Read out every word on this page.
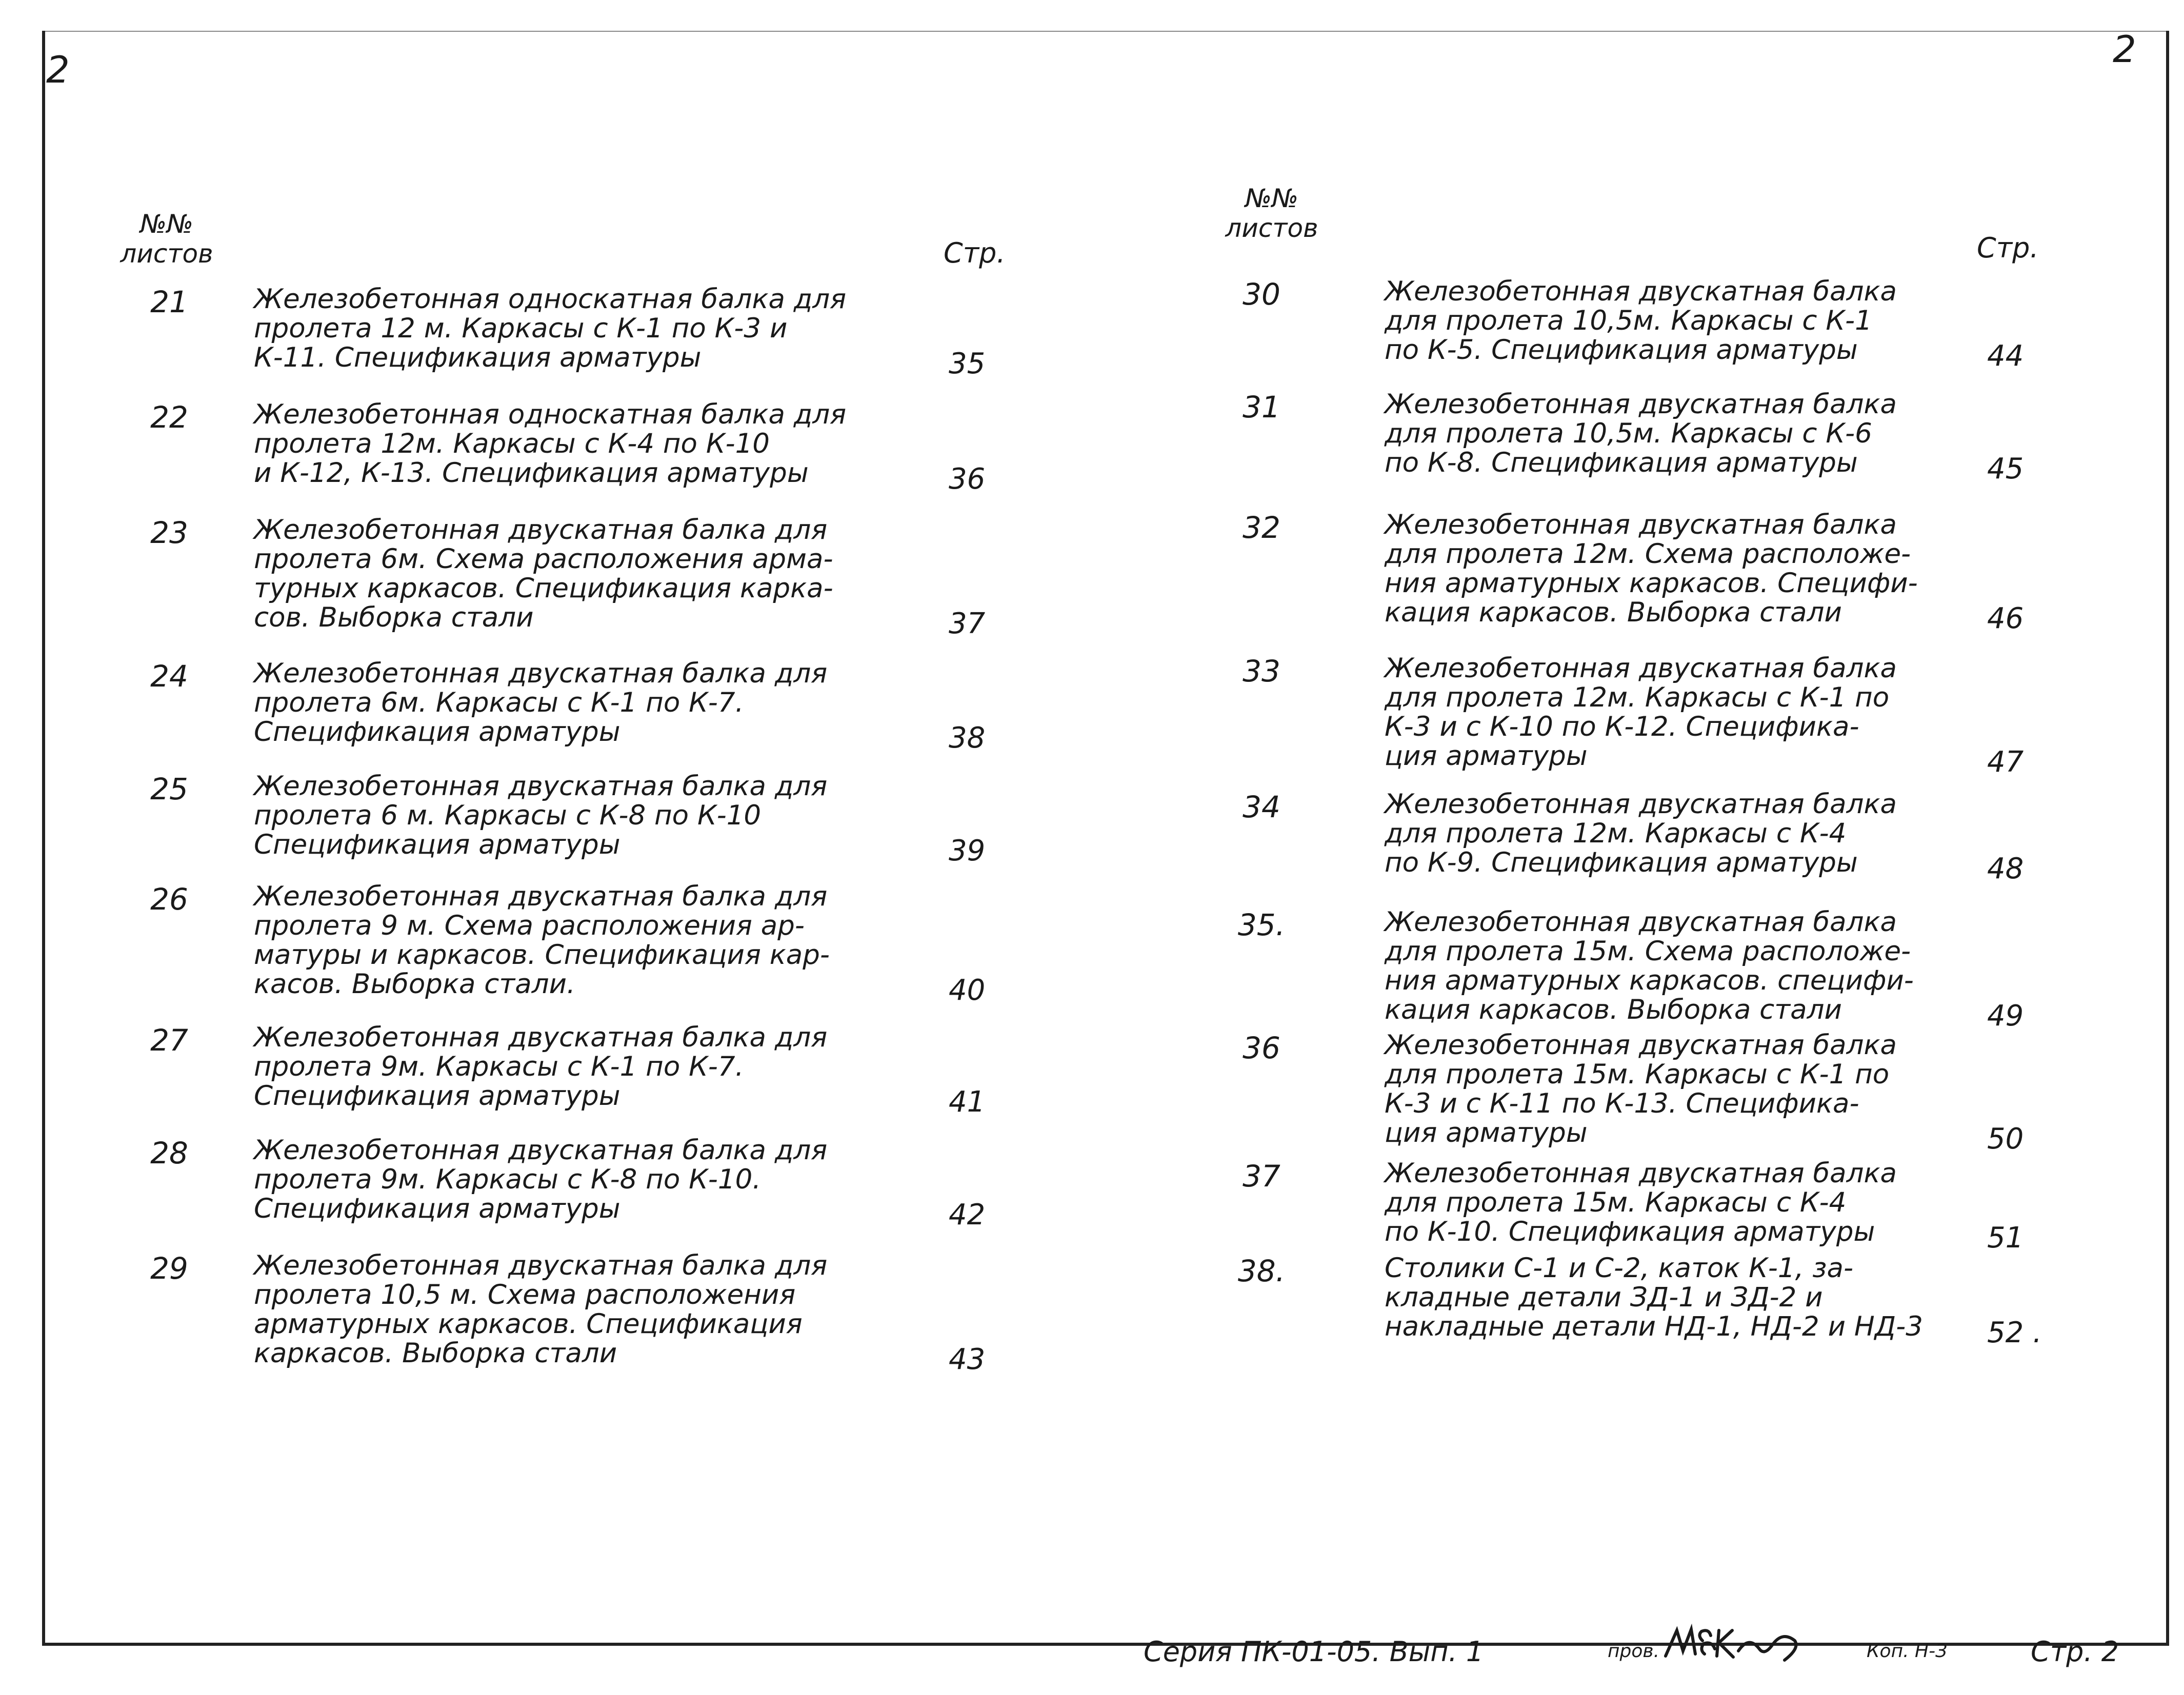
2	2
№№
листов	Стр.
21	Железобетонная односкатная балка для
пролета 12 м. Каркасы с К-1 по К-3 и
К-11. Спецификация арматуры	35
22	Железобетонная односкатная балка для
пролета 12м. Каркасы с К-4 по К-10
и К-12, К-13. Спецификация арматуры	36
23	Железобетонная двускатная балка для
пролета 6м. Схема расположения арма-
турных каркасов. Спецификация карка-
сов. Выборка стали	37
24	Железобетонная двускатная балка для
пролета 6м. Каркасы с К-1 по К-7.
Спецификация арматуры	38
25	Железобетонная двускатная балка для
пролета 6 м. Каркасы с К-8 по К-10
Спецификация арматуры	39
26	Железобетонная двускатная балка для
пролета 9 м. Схема расположения ар-
матуры и каркасов. Спецификация кар-
касов. Выборка стали.	40
27	Железобетонная двускатная балка для
пролета 9м. Каркасы с К-1 по К-7.
Спецификация арматуры	41
28	Железобетонная двускатная балка для
пролета 9м. Каркасы с К-8 по К-10.
Спецификация арматуры	42
29	Железобетонная двускатная балка для
пролета 10,5 м. Схема расположения
арматурных каркасов. Спецификация
каркасов. Выборка стали	43
№№
листов
Стр.
30	Железобетонная двускатная балка
для пролета 10,5м. Каркасы с К-1
по К-5. Спецификация арматуры	44
31	Железобетонная двускатная балка
для пролета 10,5м. Каркасы с К-6
по К-8. Спецификация арматуры	45
32	Железобетонная двускатная балка
для пролета 12м. Схема расположе-
ния арматурных каркасов. Специфи-
кация каркасов. Выборка стали	46
33	Железобетонная двускатная балка
для пролета 12м. Каркасы с К-1 по
К-3 и с К-10 по К-12. Специфика-
ция арматуры	47
34	Железобетонная двускатная балка
для пролета 12м. Каркасы с К-4
по К-9. Спецификация арматуры	48
35.	Железобетонная двускатная балка
для пролета 15м. Схема расположе-
ния арматурных каркасов. специфи-
кация каркасов. Выборка стали	49
36	Железобетонная двускатная балка
для пролета 15м. Каркасы с К-1 по
К-3 и с К-11 по К-13. Специфика-
ция арматуры	50
37	Железобетонная двускатная балка
для пролета 15м. Каркасы с К-4
по К-10. Спецификация арматуры	51
38.	Столики С-1 и С-2, каток К-1, за-
кладные детали ЗД-1 и ЗД-2 и
накладные детали НД-1, НД-2 и НД-3	52 .
Серия ПК-01-05. Вып. 1	пров.	Коп. Н-З	Стр. 2
